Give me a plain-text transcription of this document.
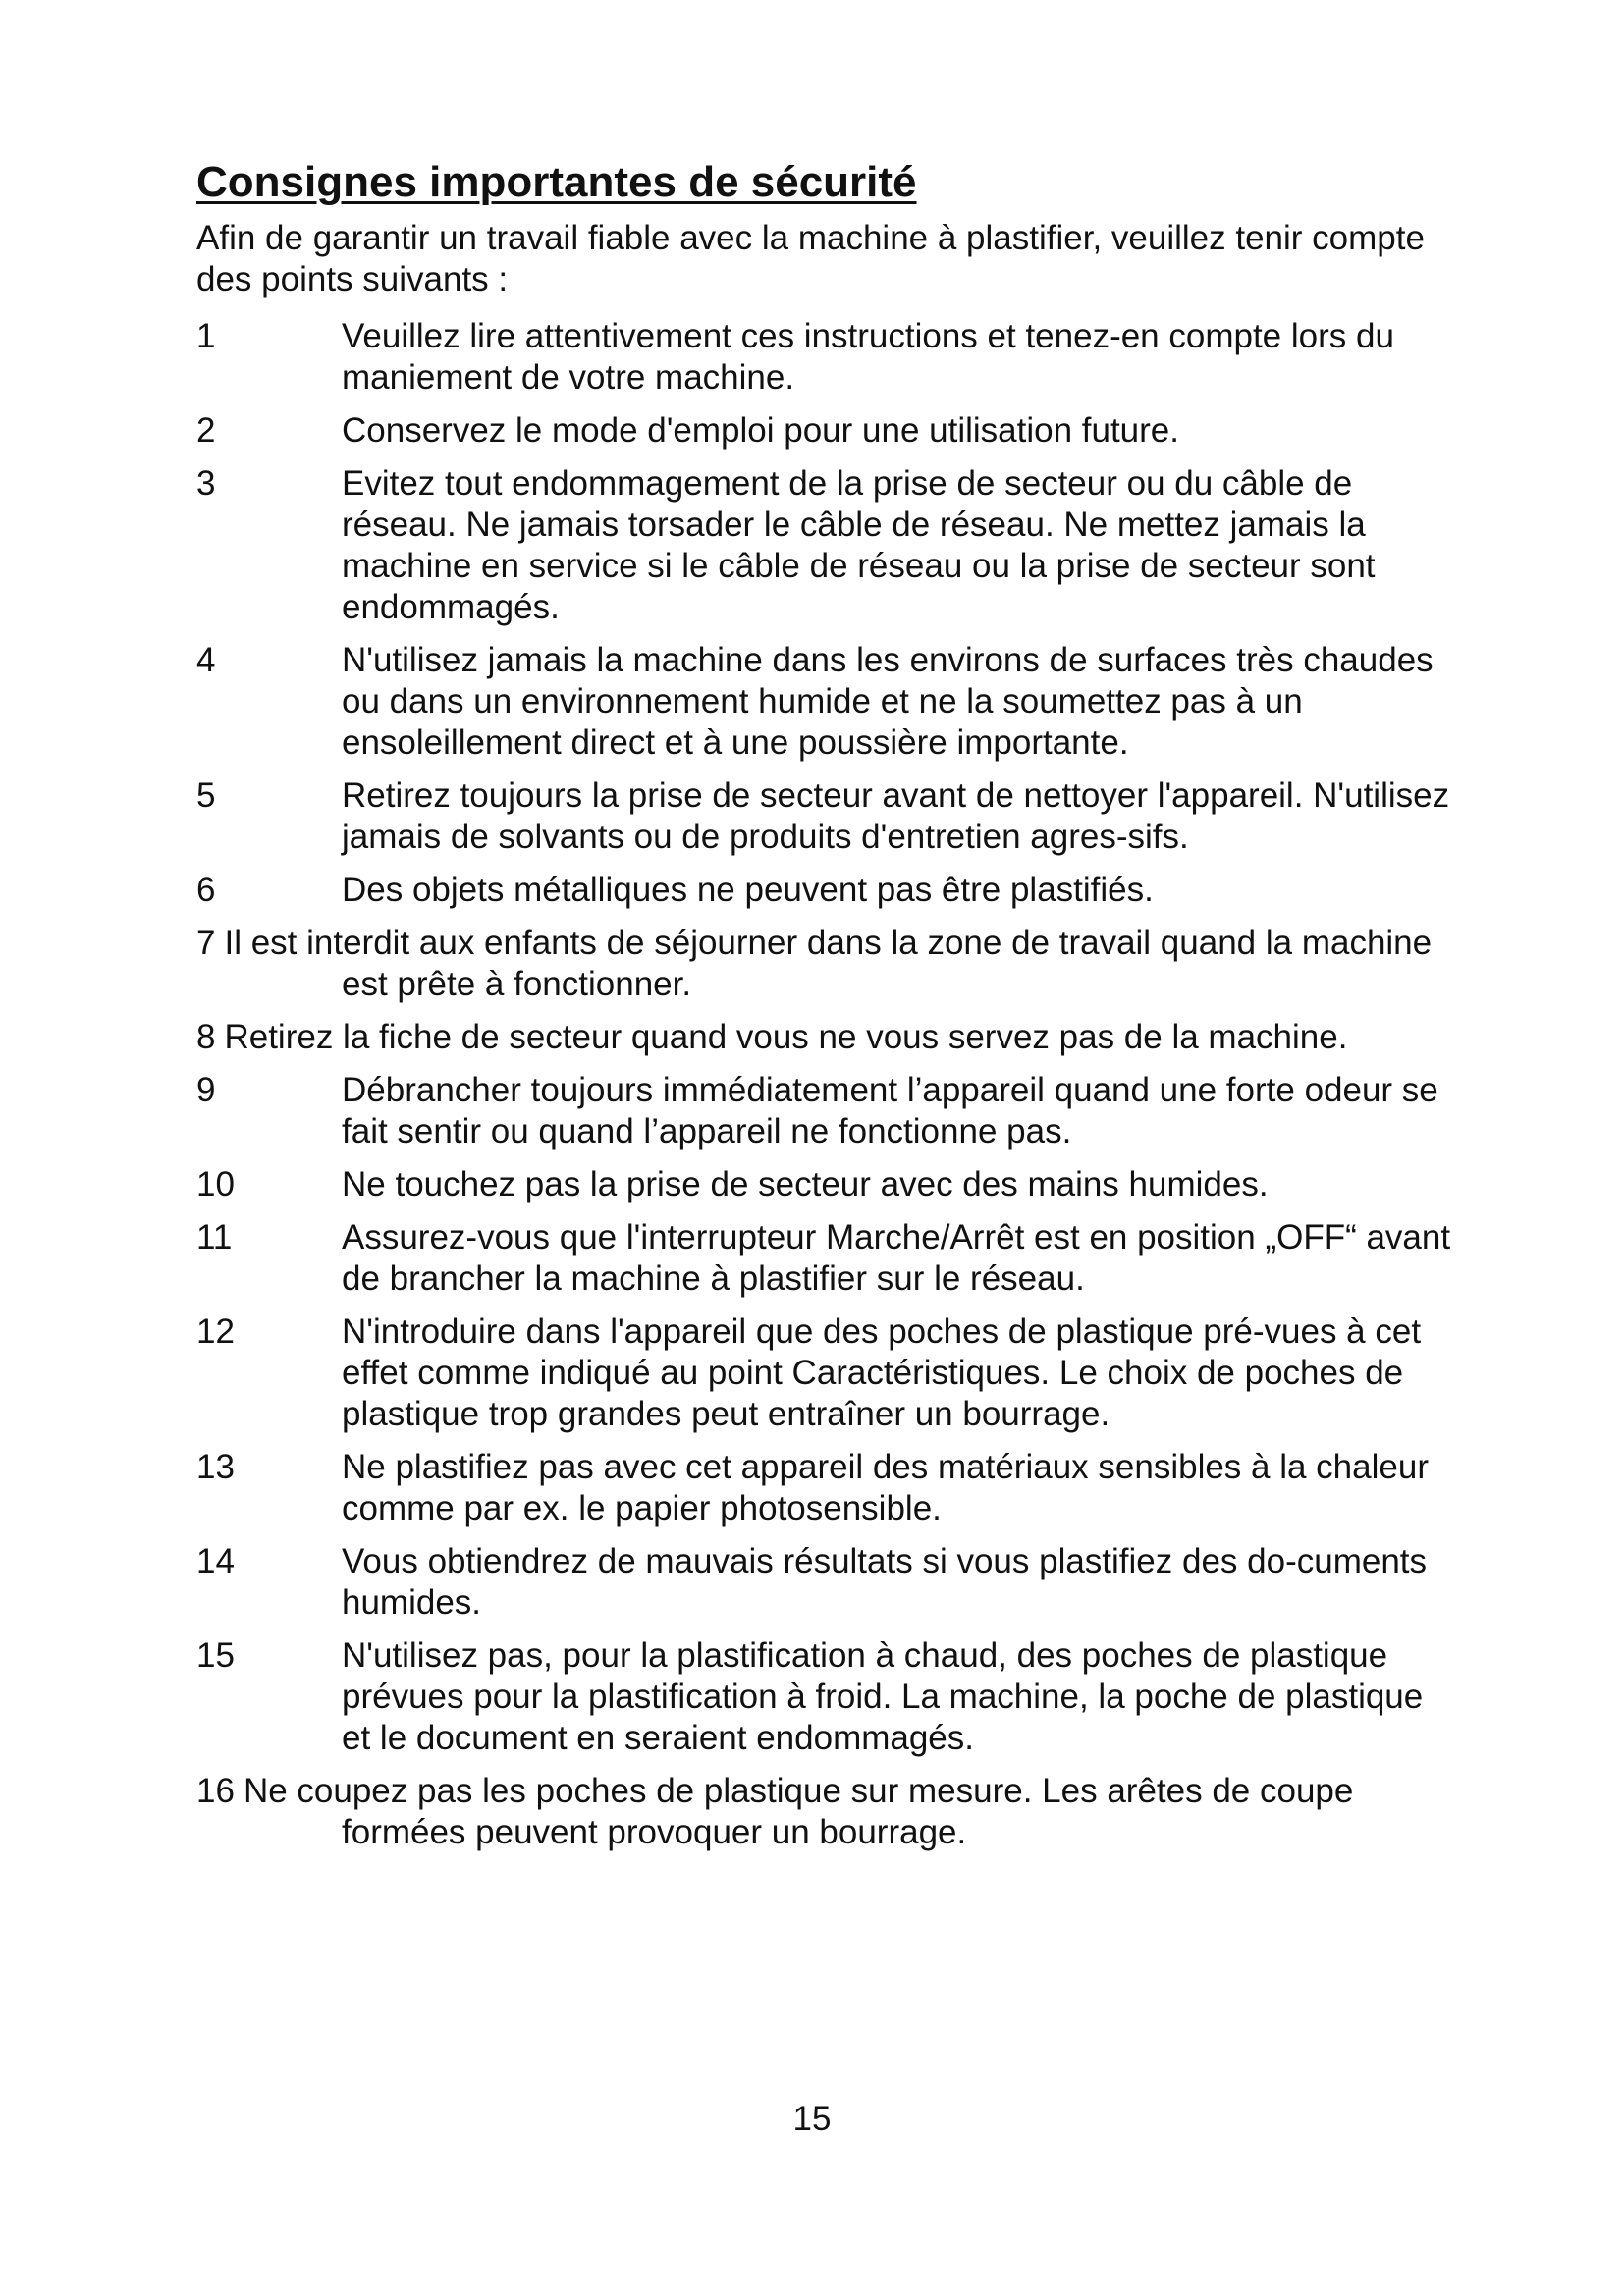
Consignes importantes de sécurité

Afin de garantir un travail fiable avec la machine à plastifier, veuillez tenir compte des points suivants :

1	Veuillez lire attentivement ces instructions et tenez-en compte lors du maniement de votre machine.
2	Conservez le mode d'emploi pour une utilisation future.
3	Evitez tout endommagement de la prise de secteur ou du câble de réseau. Ne jamais torsader le câble de réseau. Ne mettez jamais la machine en service si le câble de réseau ou la prise de secteur sont endommagés.
4	N'utilisez jamais la machine dans les environs de surfaces très chaudes ou dans un environnement humide et ne la soumettez pas à un ensoleillement direct et à une poussière importante.
5	Retirez toujours la prise de secteur avant de nettoyer l'appareil. N'utilisez jamais de solvants ou de produits d'entretien agres-sifs.
6	Des objets métalliques ne peuvent pas être plastifiés.
7 Il est interdit aux enfants de séjourner dans la zone de travail quand la machine est prête à fonctionner.
8 Retirez la fiche de secteur quand vous ne vous servez pas de la machine.
9	Débrancher toujours immédiatement l’appareil quand une forte odeur se fait sentir ou quand l’appareil ne fonctionne pas.
10	Ne touchez pas la prise de secteur avec des mains humides.
11	Assurez-vous que l'interrupteur Marche/Arrêt est en position „OFF“ avant de brancher la machine à plastifier sur le réseau.
12	N'introduire dans l'appareil que des poches de plastique pré-vues à cet effet comme indiqué au point Caractéristiques. Le choix de poches de plastique trop grandes peut entraîner un bourrage.
13	Ne plastifiez pas avec cet appareil des matériaux sensibles à la chaleur comme par ex. le papier photosensible.
14	Vous obtiendrez de mauvais résultats si vous plastifiez des do-cuments humides.
15	N'utilisez pas, pour la plastification à chaud, des poches de plastique prévues pour la plastification à froid. La machine, la poche de plastique et le document en seraient endommagés.
16 Ne coupez pas les poches de plastique sur mesure. Les arêtes de coupe formées peuvent provoquer un bourrage.
15
